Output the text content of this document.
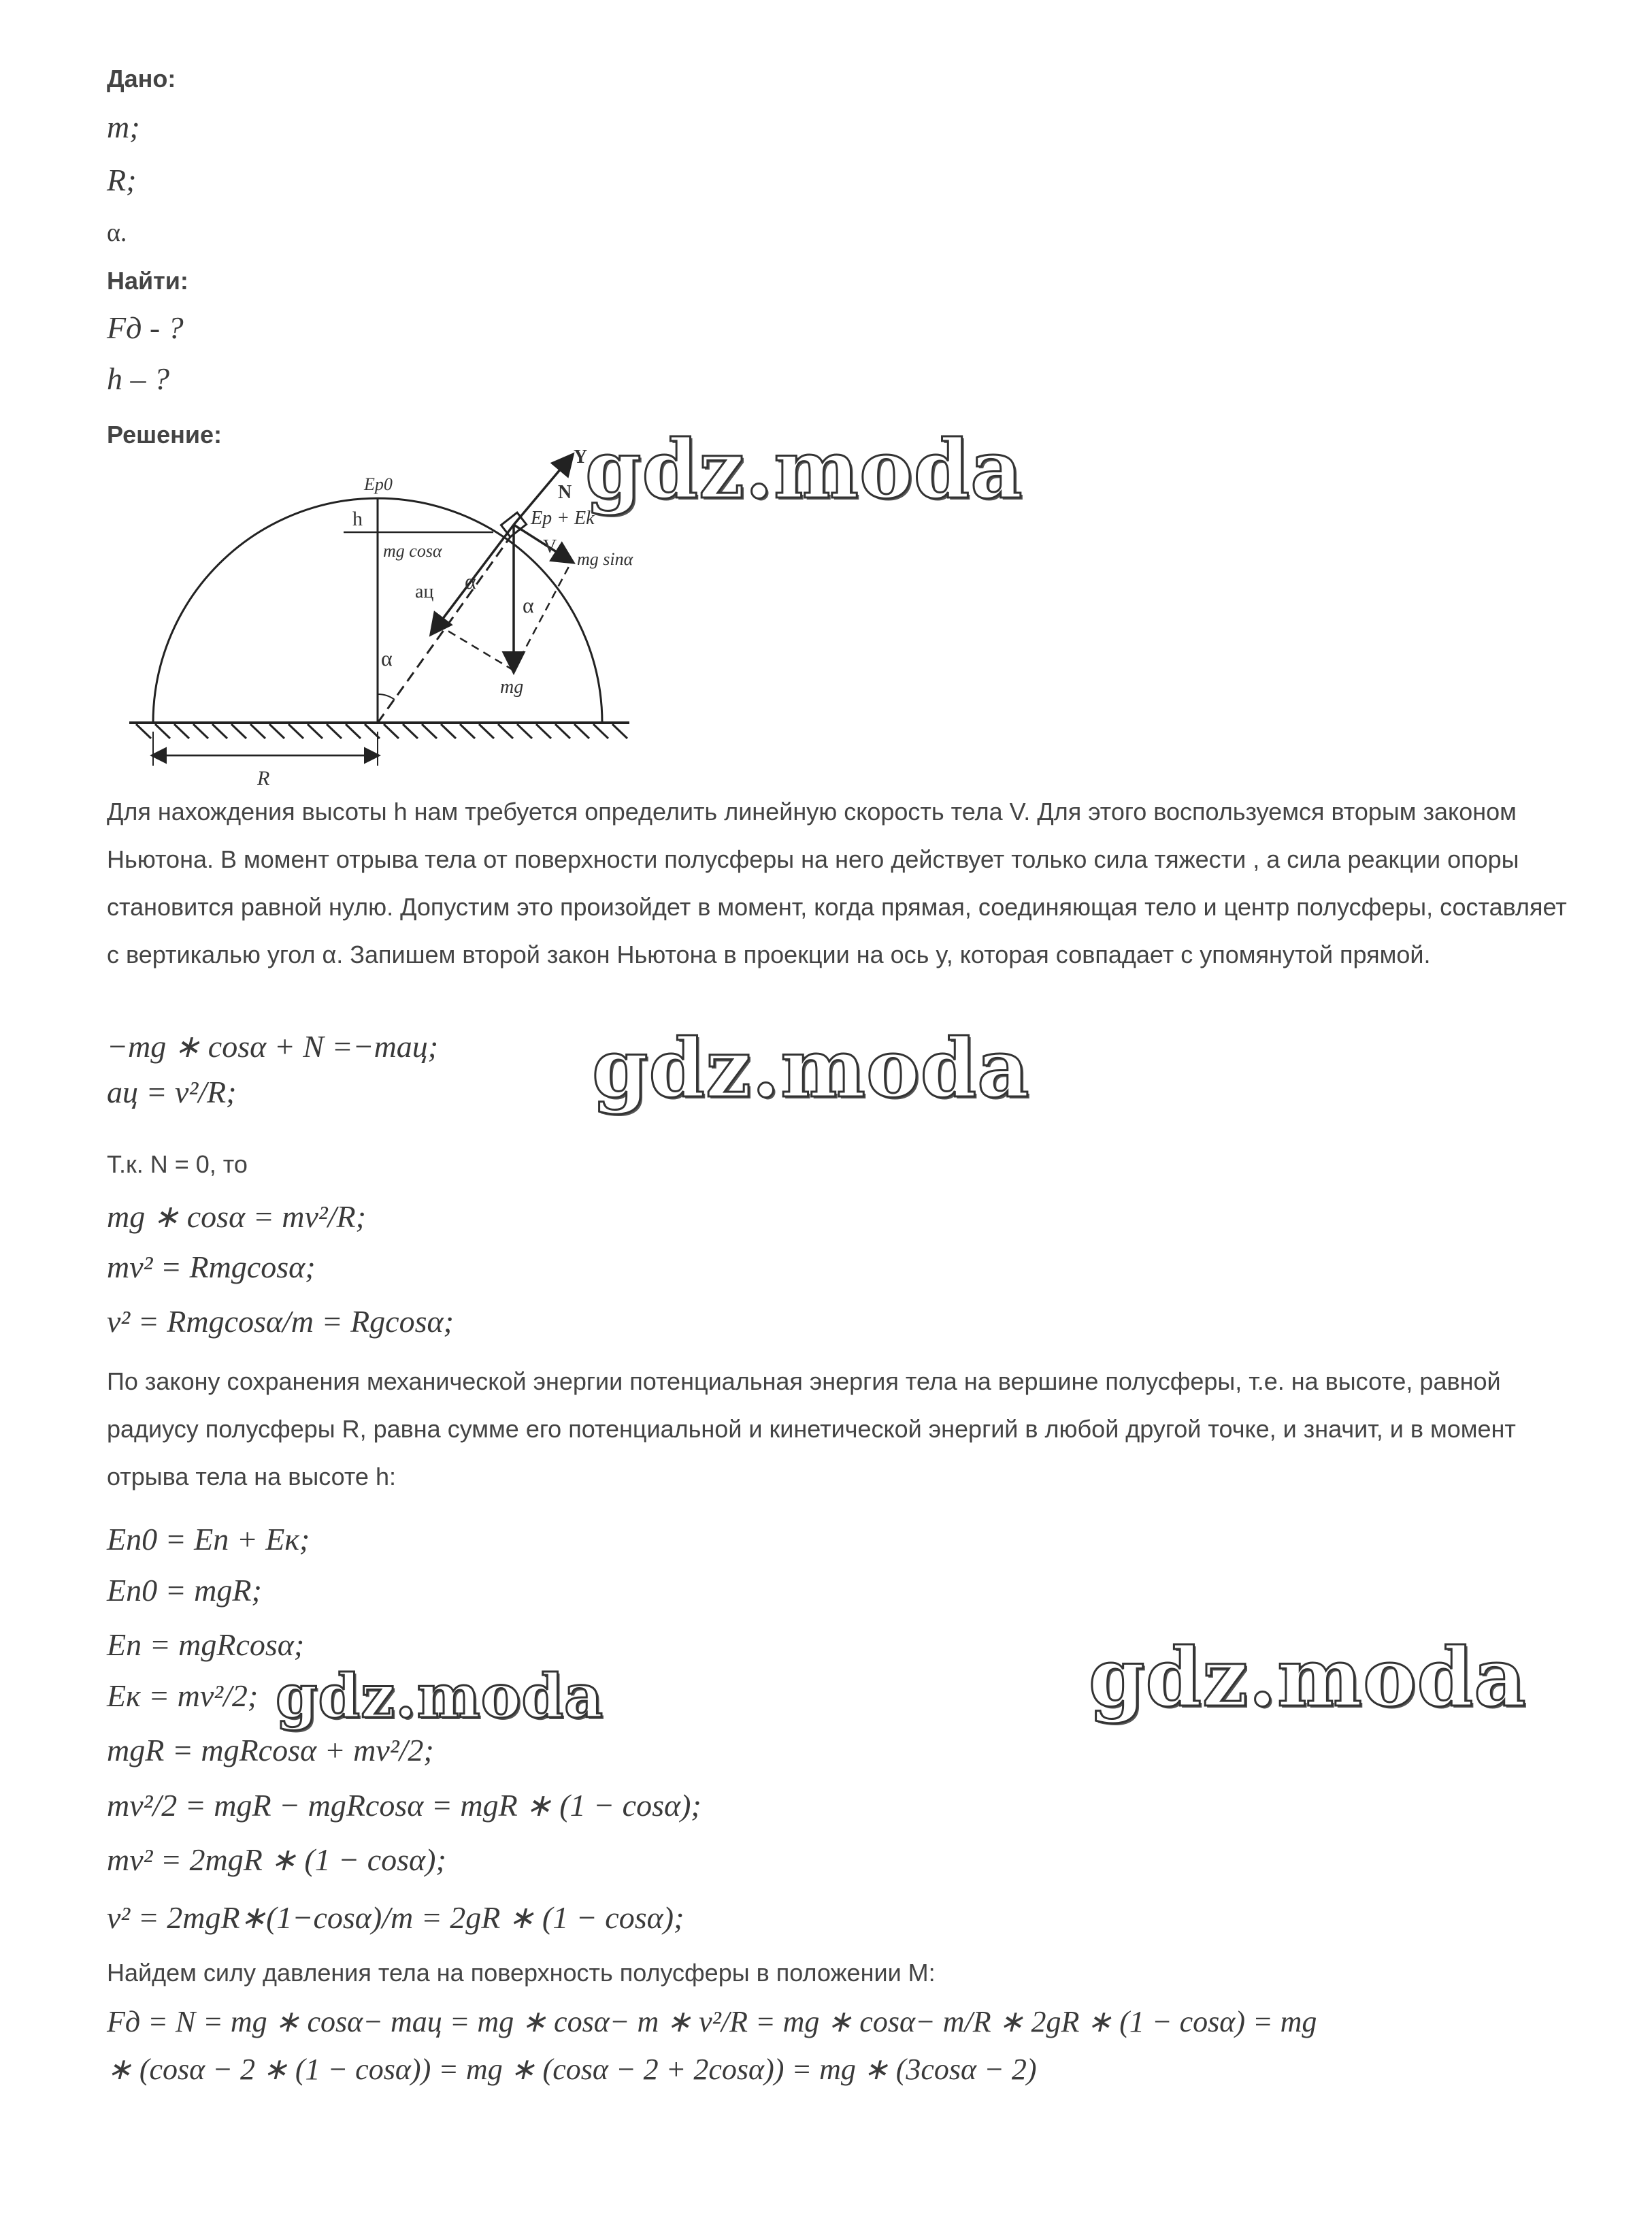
Дано:
m;
R;
α.
Найти:
Fд - ?
h – ?
Решение:
Ep0
h
mg cosα
Y
N
Ep + Ek
V
mg sinα
aц
α
α
α
mg
R

Для нахождения высоты h нам требуется определить линейную скорость тела V. Для этого воспользуемся вторым законом Ньютона. В момент отрыва тела от поверхности полусферы на него действует только сила тяжести , а сила реакции опоры становится равной нулю. Допустим это произойдет в момент, когда прямая, соединяющая тело и центр полусферы, составляет с вертикалью угол α. Запишем второй закон Ньютона в проекции на ось y, которая совпадает с упомянутой прямой.

−mg ∗ cosα + N =−maц;
aц = v²/R;
Т.к. N = 0, то
mg ∗ cosα = mv²/R;
mv² = Rmgcosα;
v² = Rmgcosα/m = Rgcosα;

По закону сохранения механической энергии потенциальная энергия тела на вершине полусферы, т.е. на высоте, равной радиусу полусферы R, равна сумме его потенциальной и кинетической энергий в любой другой точке, и значит, и в момент отрыва тела на высоте h:

Eп0 = Eп + Eк;
Eп0 = mgR;
Eп = mgRcosα;
Eк = mv²/2;
mgR = mgRcosα + mv²/2;
mv²/2 = mgR − mgRcosα = mgR ∗ (1 − cosα);
mv² = 2mgR ∗ (1 − cosα);
v² = 2mgR∗(1−cosα)/m = 2gR ∗ (1 − cosα);
Найдем силу давления тела на поверхность полусферы в положении М:
Fд = N = mg ∗ cosα− maц = mg ∗ cosα− m ∗ v²/R = mg ∗ cosα− m/R ∗ 2gR ∗ (1 − cosα) = mg
∗ (cosα − 2 ∗ (1 − cosα)) = mg ∗ (cosα − 2 + 2cosα)) = mg ∗ (3cosα − 2)
gdz.moda
gdz.moda
gdz.moda	gdz.moda
